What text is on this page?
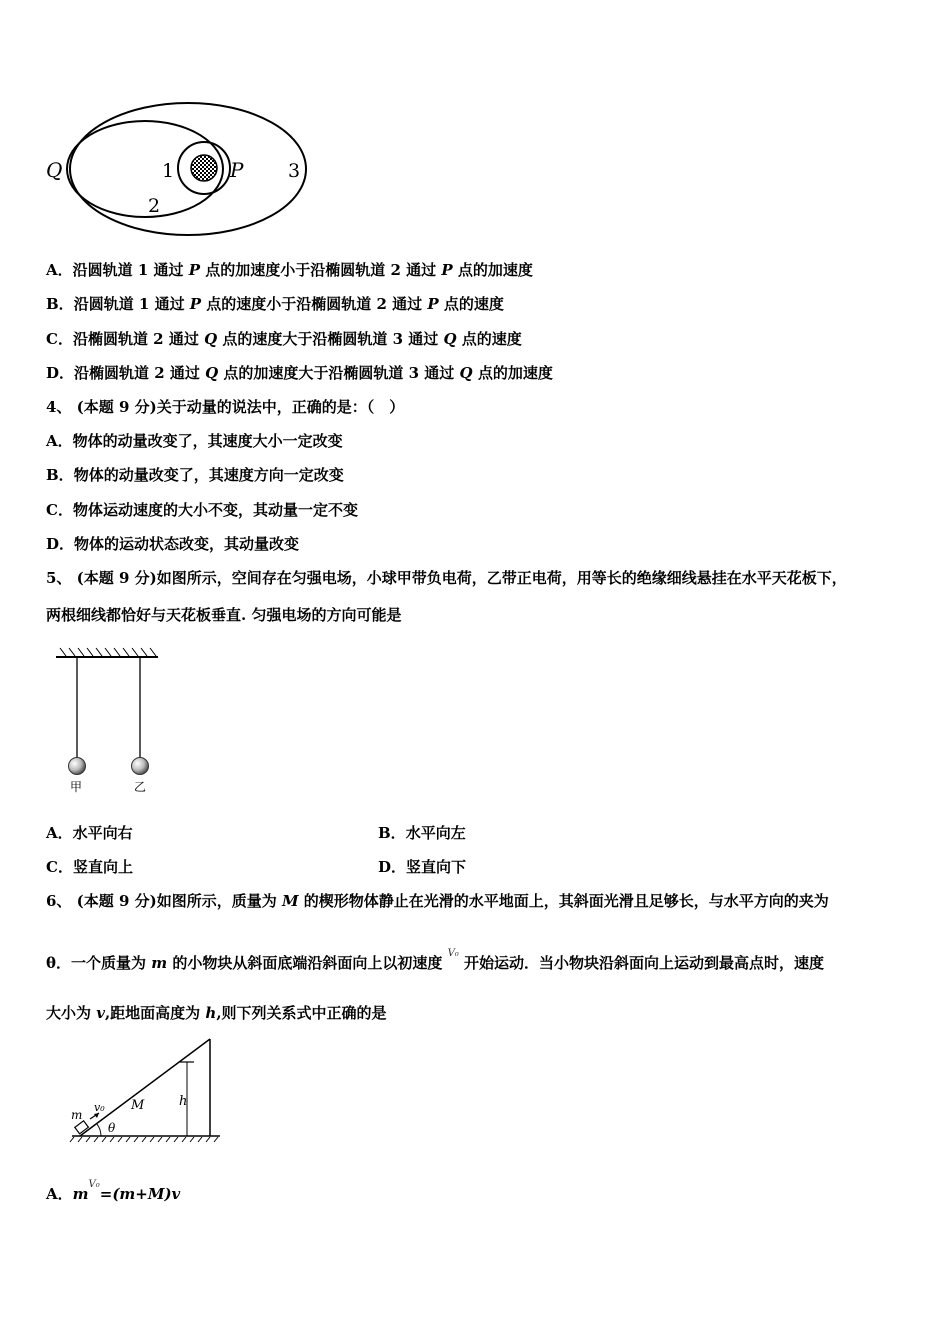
Q	1	P 3
2
A．沿圆轨道 1 通过 P 点的加速度小于沿椭圆轨道 2 通过 P 点的加速度
B．沿圆轨道 1 通过 P 点的速度小于沿椭圆轨道 2 通过 P 点的速度
C．沿椭圆轨道 2 通过 Q 点的速度大于沿椭圆轨道 3 通过 Q 点的速度
D．沿椭圆轨道 2 通过 Q 点的加速度大于沿椭圆轨道 3 通过 Q 点的加速度
4、 (本题 9 分)关于动量的说法中，正确的是：（　）
A．物体的动量改变了，其速度大小一定改变
B．物体的动量改变了，其速度方向一定改变
C．物体运动速度的大小不变，其动量一定不变
D．物体的运动状态改变，其动量改变
5、 (本题 9 分)如图所示，空间存在匀强电场，小球甲带负电荷，乙带正电荷，用等长的绝缘细线悬挂在水平天花板下，
两根细线都恰好与天花板垂直. 匀强电场的方向可能是
甲	乙
A．水平向右	B．水平向左
C．竖直向上	D．竖直向下
6、 (本题 9 分)如图所示，质量为 M 的楔形物体静止在光滑的水平地面上，其斜面光滑且足够长，与水平方向的夹为
θ．一个质量为 m 的小物块从斜面底端沿斜面向上以初速度 $^{V_0}$ 开始运动．当小物块沿斜面向上运动到最高点时，速度
大小为 v,距地面高度为 h,则下列关系式中正确的是
m
v₀ M	h
θ
A．$m^{V_0}=(m+M)v$
